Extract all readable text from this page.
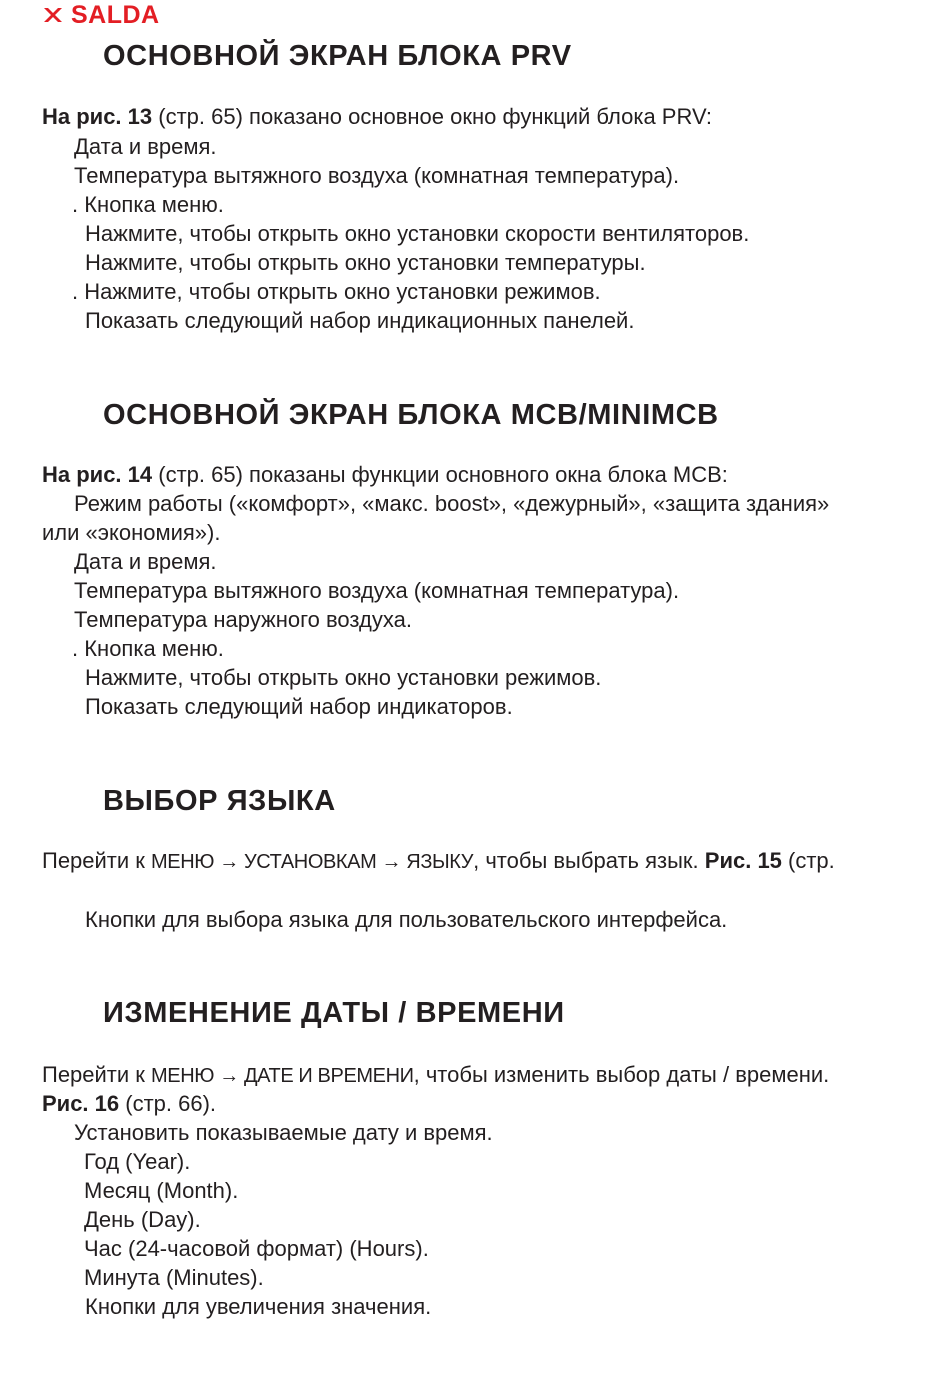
SALDA
ОСНОВНОЙ ЭКРАН БЛОКА PRV
На рис. 13 (стр. 65) показано основное окно функций блока PRV:
Дата и время.
Температура вытяжного воздуха (комнатная температура).
. Кнопка меню.
Нажмите, чтобы открыть окно установки скорости вентиляторов.
Нажмите, чтобы открыть окно установки температуры.
. Нажмите, чтобы открыть окно установки режимов.
Показать следующий набор индикационных панелей.
ОСНОВНОЙ ЭКРАН БЛОКА MCB/MINIMCB
На рис. 14 (стр. 65) показаны функции основного окна блока MCB:
Режим работы («комфорт», «макс. boost», «дежурный», «защита здания»
или «экономия»).
Дата и время.
Температура вытяжного воздуха (комнатная температура).
Температура наружного воздуха.
. Кнопка меню.
Нажмите, чтобы открыть окно установки режимов.
Показать следующий набор индикаторов.
ВЫБОР ЯЗЫКА
Перейти к МЕНЮ → УСТАНОВКАМ → ЯЗЫКУ, чтобы выбрать язык. Рис. 15 (стр.
Кнопки для выбора языка для пользовательского интерфейса.
ИЗМЕНЕНИЕ ДАТЫ / ВРЕМЕНИ
Перейти к МЕНЮ → ДАТЕ И ВРЕМЕНИ, чтобы изменить выбор даты / времени.
Рис. 16 (стр. 66).
Установить показываемые дату и время.
Год (Year).
Месяц (Month).
День (Day).
Час (24-часовой формат) (Hours).
Минута (Minutes).
Кнопки для увеличения значения.
